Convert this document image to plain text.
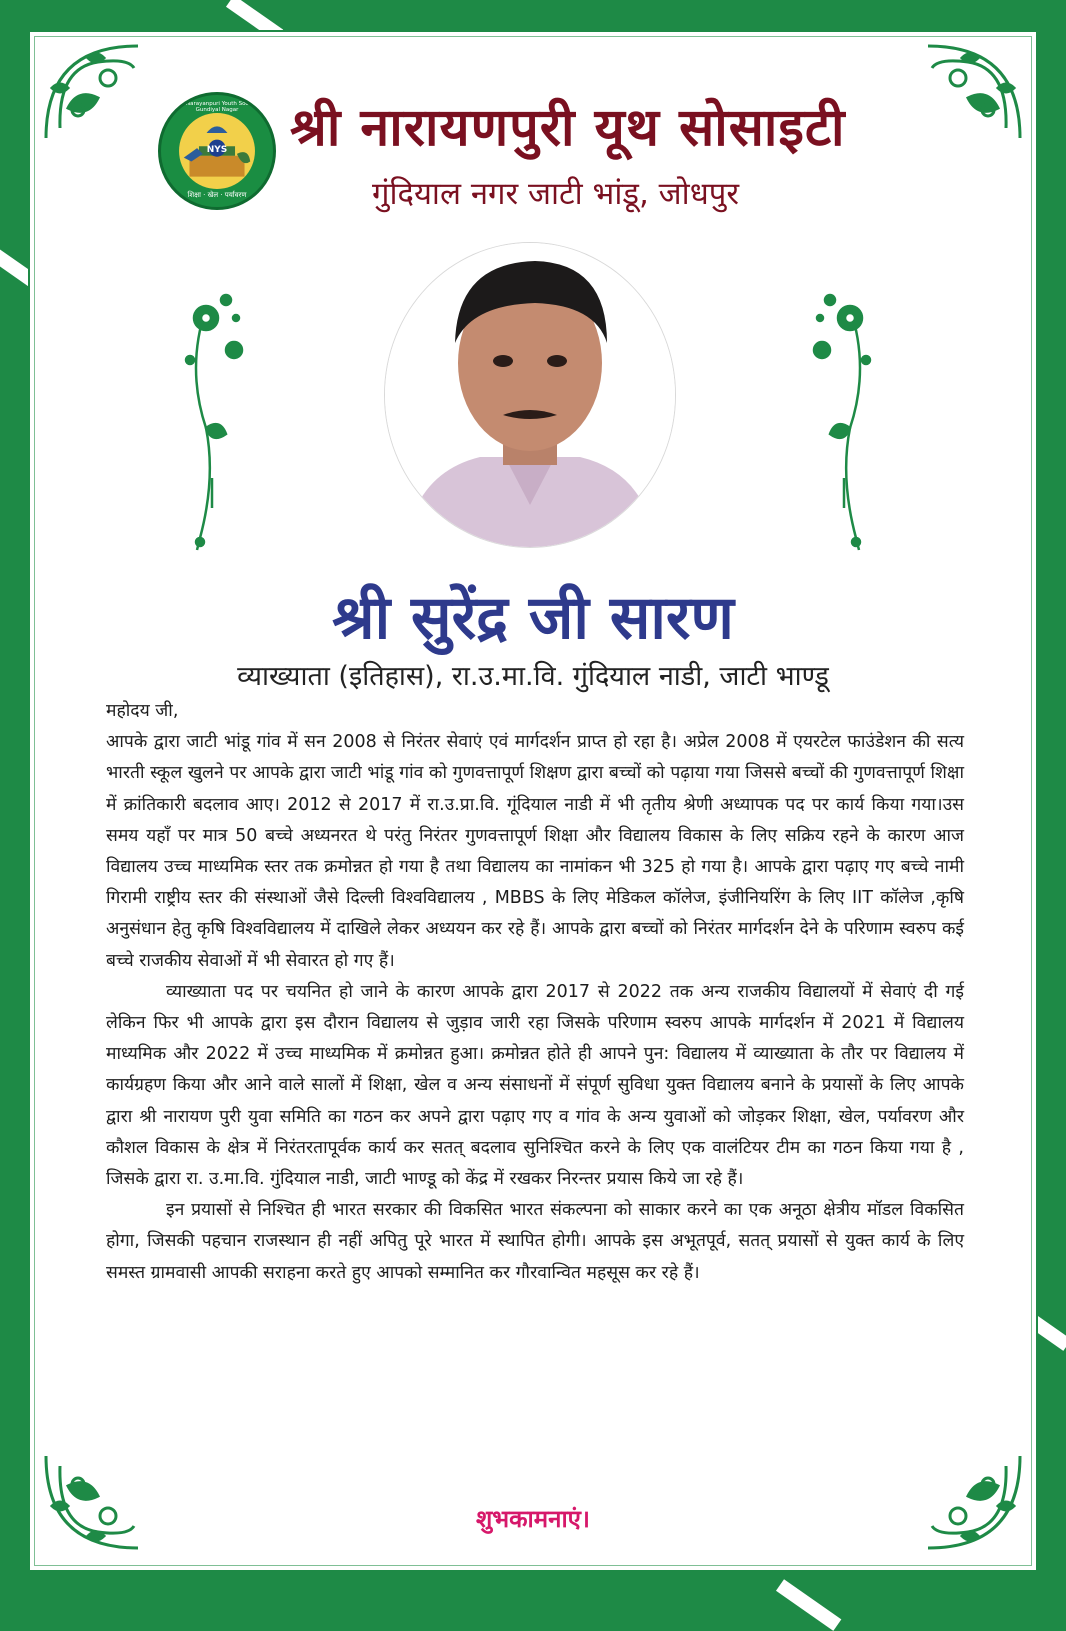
NYS
Shri Narayanpuri Youth Society, Gundiyal Nagar
शिक्षा · खेल · पर्यावरण
श्री नारायणपुरी यूथ सोसाइटी
गुंदियाल नगर जाटी भांडू, जोधपुर
श्री सुरेंद्र जी सारण
व्याख्याता (इतिहास), रा.उ.मा.वि. गुंदियाल नाडी, जाटी भाण्डू

महोदय जी,

आपके द्वारा जाटी भांडू गांव में सन 2008 से निरंतर सेवाएं एवं मार्गदर्शन प्राप्त हो रहा है। अप्रेल 2008 में एयरटेल फाउंडेशन की सत्य भारती स्कूल खुलने पर आपके द्वारा जाटी भांडू गांव को गुणवत्तापूर्ण शिक्षण द्वारा बच्चों को पढ़ाया गया जिससे बच्चों की गुणवत्तापूर्ण शिक्षा में क्रांतिकारी बदलाव आए। 2012 से 2017 में रा.उ.प्रा.वि. गूंदियाल नाडी में भी तृतीय श्रेणी अध्यापक पद पर कार्य किया गया।उस समय यहाँ पर मात्र 50 बच्चे अध्यनरत थे परंतु निरंतर गुणवत्तापूर्ण शिक्षा और विद्यालय विकास के लिए सक्रिय रहने के कारण आज विद्यालय उच्च माध्यमिक स्तर तक क्रमोन्नत हो गया है तथा विद्यालय का नामांकन भी 325 हो गया है। आपके द्वारा पढ़ाए गए बच्चे नामी गिरामी राष्ट्रीय स्तर की संस्थाओं जैसे दिल्ली विश्वविद्यालय , MBBS के लिए मेडिकल कॉलेज, इंजीनियरिंग के लिए IIT कॉलेज ,कृषि अनुसंधान हेतु कृषि विश्वविद्यालय में दाखिले लेकर अध्ययन कर रहे हैं। आपके द्वारा बच्चों को निरंतर मार्गदर्शन देने के परिणाम स्वरुप कई बच्चे राजकीय सेवाओं में भी सेवारत हो गए हैं।

व्याख्याता पद पर चयनित हो जाने के कारण आपके द्वारा 2017 से 2022 तक अन्य राजकीय विद्यालयों में सेवाएं दी गई लेकिन फिर भी आपके द्वारा इस दौरान विद्यालय से जुड़ाव जारी रहा जिसके परिणाम स्वरुप आपके मार्गदर्शन में 2021 में विद्यालय माध्यमिक और 2022 में उच्च माध्यमिक में क्रमोन्नत हुआ। क्रमोन्नत होते ही आपने पुन: विद्यालय में व्याख्याता के तौर पर विद्यालय में कार्यग्रहण किया और आने वाले सालों में शिक्षा, खेल व अन्य संसाधनों में संपूर्ण सुविधा युक्त विद्यालय बनाने के प्रयासों के लिए आपके द्वारा श्री नारायण पुरी युवा समिति का गठन कर अपने द्वारा पढ़ाए गए व गांव के अन्य युवाओं को जोड़कर शिक्षा, खेल, पर्यावरण और कौशल विकास के क्षेत्र में निरंतरतापूर्वक कार्य कर सतत् बदलाव सुनिश्चित करने के लिए एक वालंटियर टीम का गठन किया गया है , जिसके द्वारा रा. उ.मा.वि. गुंदियाल नाडी, जाटी भाण्डू को केंद्र में रखकर निरन्तर प्रयास किये जा रहे हैं।

इन प्रयासों से निश्चित ही भारत सरकार की विकसित भारत संकल्पना को साकार करने का एक अनूठा क्षेत्रीय मॉडल विकसित होगा, जिसकी पहचान राजस्थान ही नहीं अपितु पूरे भारत में स्थापित होगी। आपके इस अभूतपूर्व, सतत् प्रयासों से युक्त कार्य के लिए समस्त ग्रामवासी आपकी सराहना करते हुए आपको सम्मानित कर गौरवान्वित महसूस कर रहे हैं।

शुभकामनाएं।
